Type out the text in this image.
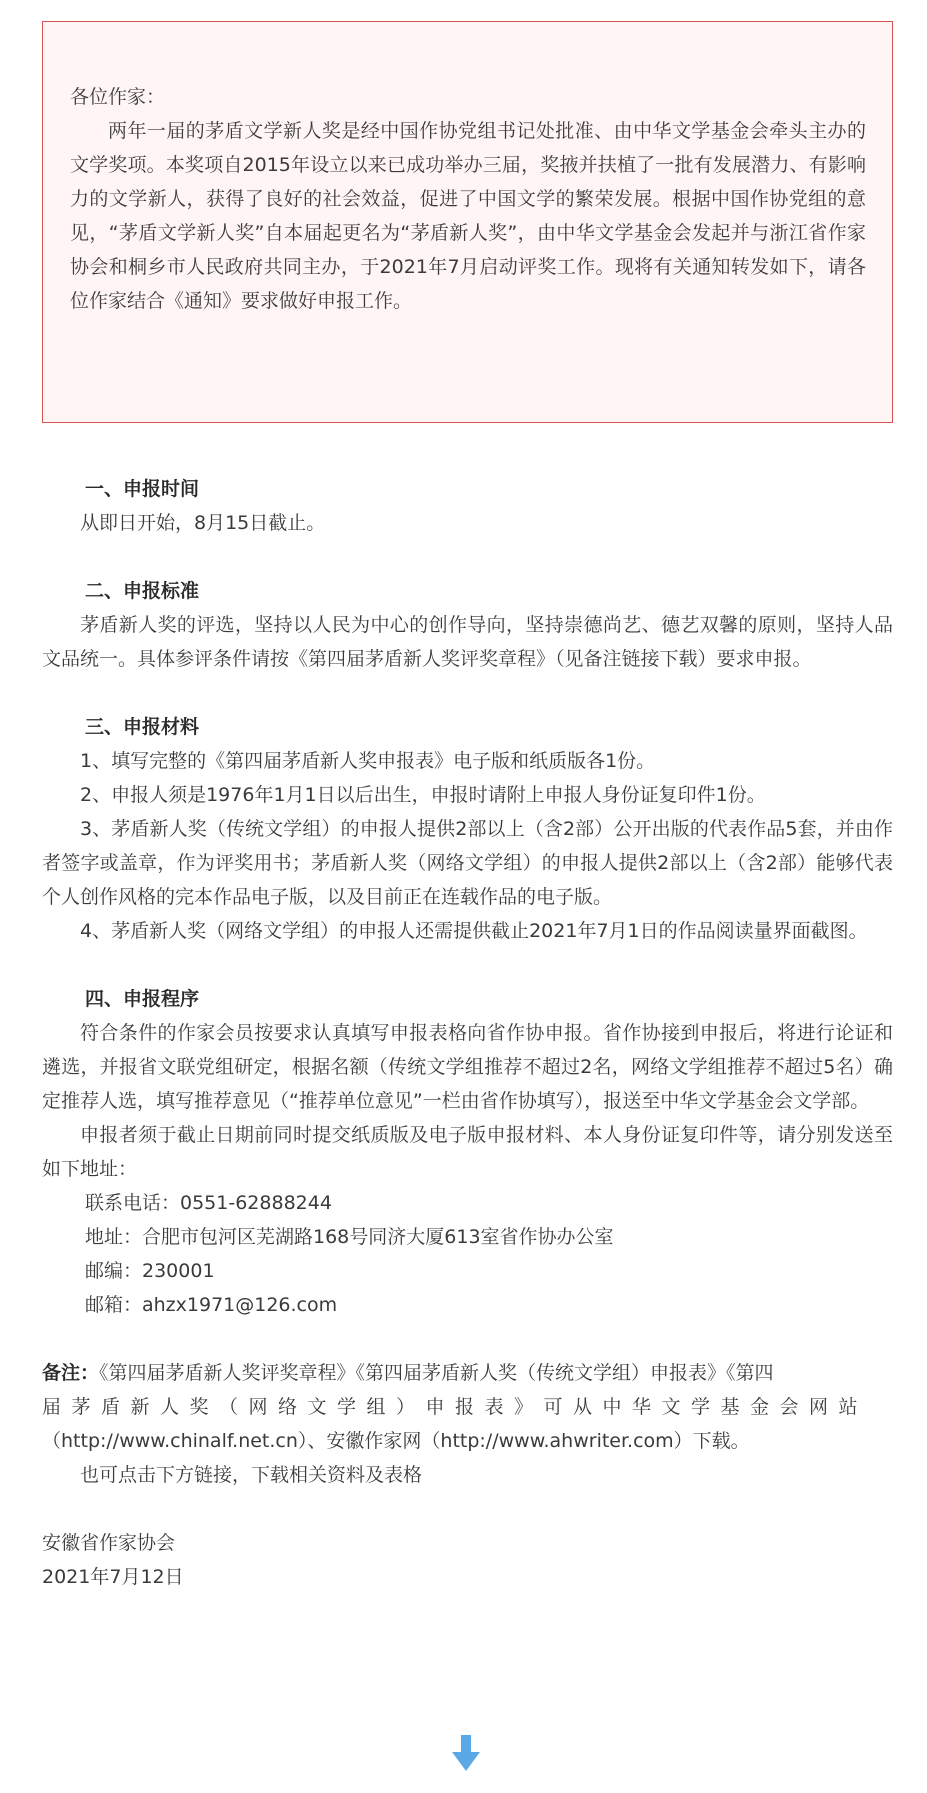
各位作家：

两年一届的茅盾文学新人奖是经中国作协党组书记处批准、由中华文学基金会牵头主办的文学奖项。本奖项自2015年设立以来已成功举办三届，奖掖并扶植了一批有发展潜力、有影响力的文学新人，获得了良好的社会效益，促进了中国文学的繁荣发展。根据中国作协党组的意见，“茅盾文学新人奖”自本届起更名为“茅盾新人奖”，由中华文学基金会发起并与浙江省作家协会和桐乡市人民政府共同主办，于2021年7月启动评奖工作。现将有关通知转发如下，请各位作家结合《通知》要求做好申报工作。

一、申报时间

从即日开始，8月15日截止。

二、申报标准

茅盾新人奖的评选，坚持以人民为中心的创作导向，坚持崇德尚艺、德艺双馨的原则，坚持人品文品统一。具体参评条件请按《第四届茅盾新人奖评奖章程》（见备注链接下载）要求申报。

三、申报材料

1、填写完整的《第四届茅盾新人奖申报表》电子版和纸质版各1份。

2、申报人须是1976年1月1日以后出生，申报时请附上申报人身份证复印件1份。

3、茅盾新人奖（传统文学组）的申报人提供2部以上（含2部）公开出版的代表作品5套，并由作者签字或盖章，作为评奖用书；茅盾新人奖（网络文学组）的申报人提供2部以上（含2部）能够代表个人创作风格的完本作品电子版，以及目前正在连载作品的电子版。

4、茅盾新人奖（网络文学组）的申报人还需提供截止2021年7月1日的作品阅读量界面截图。

四、申报程序

符合条件的作家会员按要求认真填写申报表格向省作协申报。省作协接到申报后，将进行论证和遴选，并报省文联党组研定，根据名额（传统文学组推荐不超过2名，网络文学组推荐不超过5名）确定推荐人选，填写推荐意见（“推荐单位意见”一栏由省作协填写），报送至中华文学基金会文学部。

申报者须于截止日期前同时提交纸质版及电子版申报材料、本人身份证复印件等，请分别发送至如下地址：

联系电话：0551-62888244

地址：合肥市包河区芜湖路168号同济大厦613室省作协办公室

邮编：230001

邮箱：ahzx1971@126.com

备注：《第四届茅盾新人奖评奖章程》《第四届茅盾新人奖（传统文学组）申报表》《第四

届茅盾新人奖（网络文学组）申报表》可从中华文学基金会网站

（http://www.chinalf.net.cn）、安徽作家网（http://www.ahwriter.com）下载。

也可点击下方链接，下载相关资料及表格

安徽省作家协会

2021年7月12日
